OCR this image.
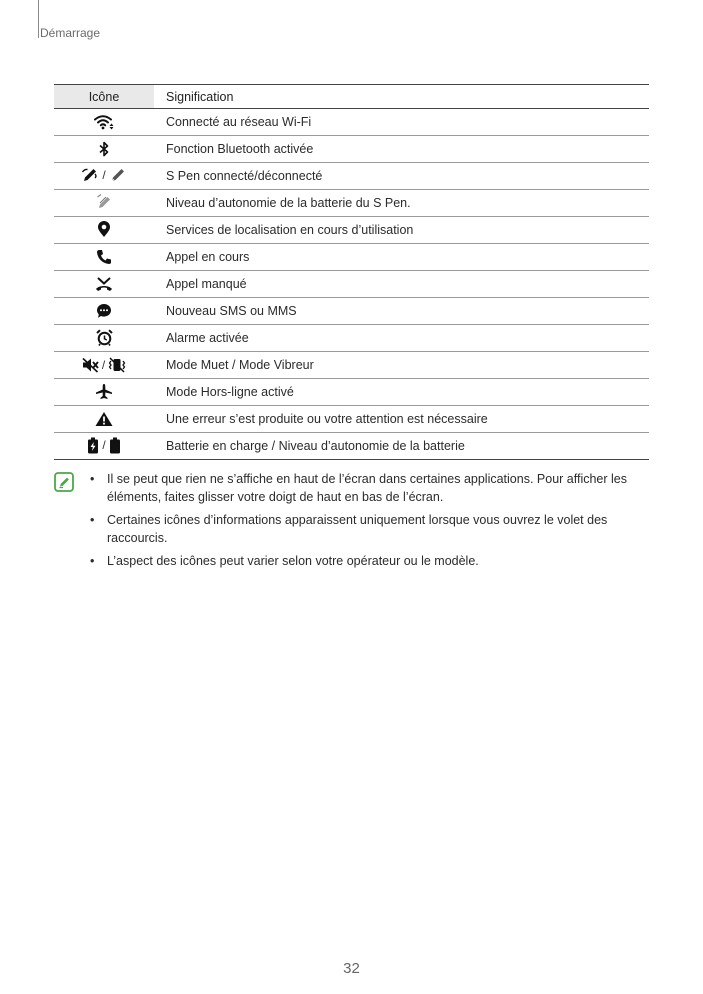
Démarrage
Icône	Signification

	Connecté au réseau Wi-Fi

	Fonction Bluetooth activée

/	S Pen connecté/déconnecté

	Niveau d’autonomie de la batterie du S Pen.

	Services de localisation en cours d’utilisation

	Appel en cours

	Appel manqué

	Nouveau SMS ou MMS

	Alarme activée

/	Mode Muet / Mode Vibreur

	Mode Hors-ligne activé

	Une erreur s’est produite ou votre attention est nécessaire

/	Batterie en charge / Niveau d’autonomie de la batterie
• Il se peut que rien ne s’affiche en haut de l’écran dans certaines applications. Pour afficher les éléments, faites glisser votre doigt de haut en bas de l’écran.
• Certaines icônes d’informations apparaissent uniquement lorsque vous ouvrez le volet des raccourcis.
• L’aspect des icônes peut varier selon votre opérateur ou le modèle.
32
